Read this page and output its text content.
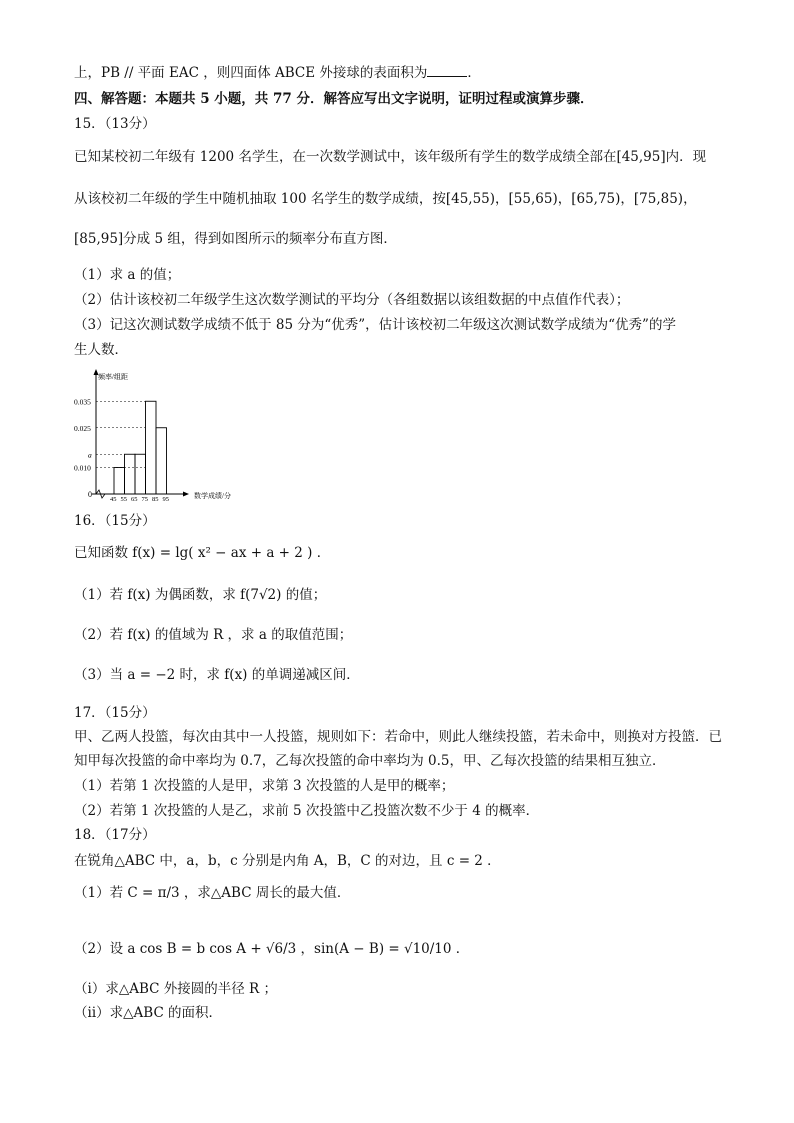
上，PB // 平面 EAC ，则四面体 ABCE 外接球的表面积为	．
四、解答题：本题共 5 小题，共 77 分．解答应写出文字说明，证明过程或演算步骤．
15．（13分）
已知某校初二年级有 1200 名学生，在一次数学测试中，该年级所有学生的数学成绩全部在[45,95]内．现
从该校初二年级的学生中随机抽取 100 名学生的数学成绩，按[45,55)，[55,65)，[65,75)，[75,85)，
[85,95]分成 5 组，得到如图所示的频率分布直方图．
（1）求 a 的值；
（2）估计该校初二年级学生这次数学测试的平均分（各组数据以该组数据的中点值作代表）；
（3）记这次测试数学成绩不低于 85 分为“优秀”，估计该校初二年级这次测试数学成绩为“优秀”的学
生人数．
频率/组距
数学成绩/分
0
0.035
0.025
a
0.010
45 55 65 75 85 95
16．（15分）
已知函数 f(x) = lg( x² − ax + a + 2 ) ．
（1）若 f(x) 为偶函数，求 f(7√2) 的值；
（2）若 f(x) 的值域为 R ，求 a 的取值范围；
（3）当 a = −2 时，求 f(x) 的单调递减区间．
17．（15分）
甲、乙两人投篮，每次由其中一人投篮，规则如下：若命中，则此人继续投篮，若未命中，则换对方投篮．已
知甲每次投篮的命中率均为 0.7，乙每次投篮的命中率均为 0.5，甲、乙每次投篮的结果相互独立．
（1）若第 1 次投篮的人是甲，求第 3 次投篮的人是甲的概率；
（2）若第 1 次投篮的人是乙，求前 5 次投篮中乙投篮次数不少于 4 的概率．
18．（17分）
在锐角△ABC 中，a，b，c 分别是内角 A，B，C 的对边，且 c = 2 ．
（1）若 C = π/3 ，求△ABC 周长的最大值．
（2）设 a cos B = b cos A + √6/3 ，sin(A − B) = √10/10 ．
（ⅰ）求△ABC 外接圆的半径 R ；
（ⅱ）求△ABC 的面积．
